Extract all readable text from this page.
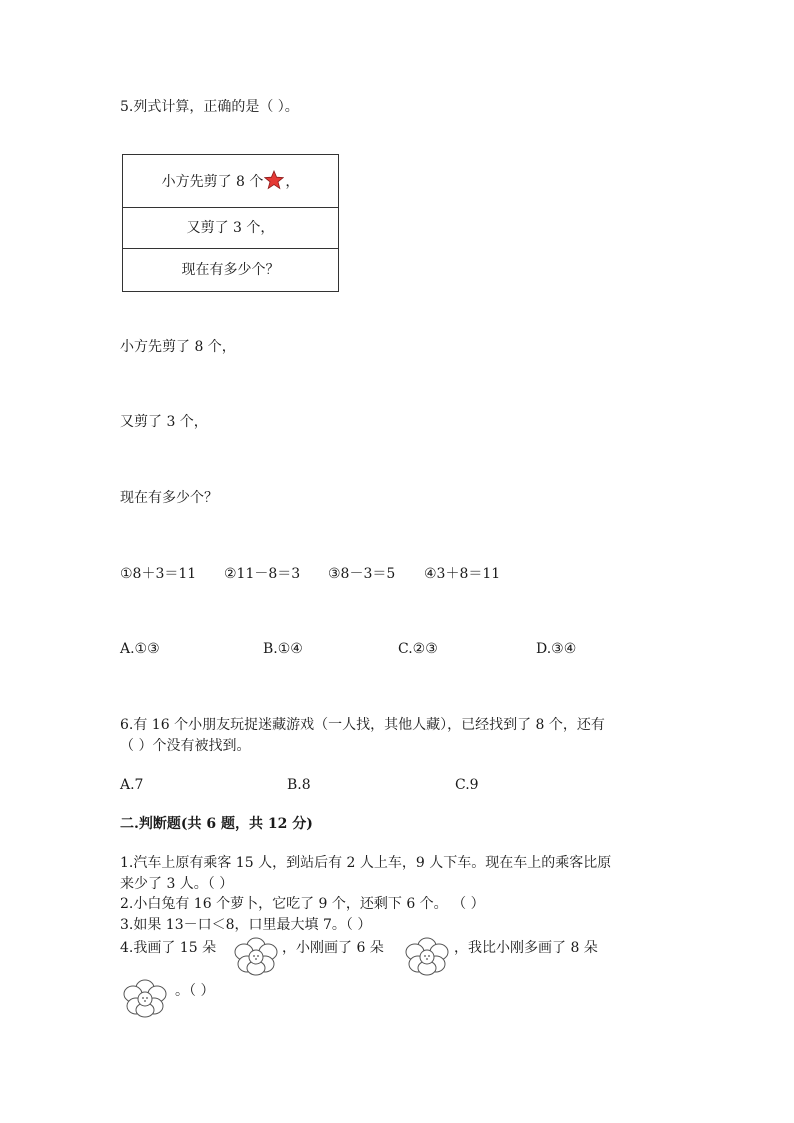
5.列式计算，正确的是（ ）。
小方先剪了 8 个 ，
又剪了 3 个，
现在有多少个？
小方先剪了 8 个，
又剪了 3 个，
现在有多少个？
①8＋3＝11 ②11－8＝3 ③8－3＝5 ④3＋8＝11
A.①③	B.①④	C.②③	D.③④
6.有 16 个小朋友玩捉迷藏游戏（一人找，其他人藏），已经找到了 8 个，还有
（ ）个没有被找到。
A.7	B.8	C.9
二.判断题(共 6 题，共 12 分)
1.汽车上原有乘客 15 人，到站后有 2 人上车，9 人下车。现在车上的乘客比原
来少了 3 人。（ ）
2.小白兔有 16 个萝卜，它吃了 9 个，还剩下 6 个。 （ ）
3.如果 13－口＜8，口里最大填 7。（ ）
4.我画了 15 朵	，小刚画了 6 朵	，我比小刚多画了 8 朵
。（ ）
